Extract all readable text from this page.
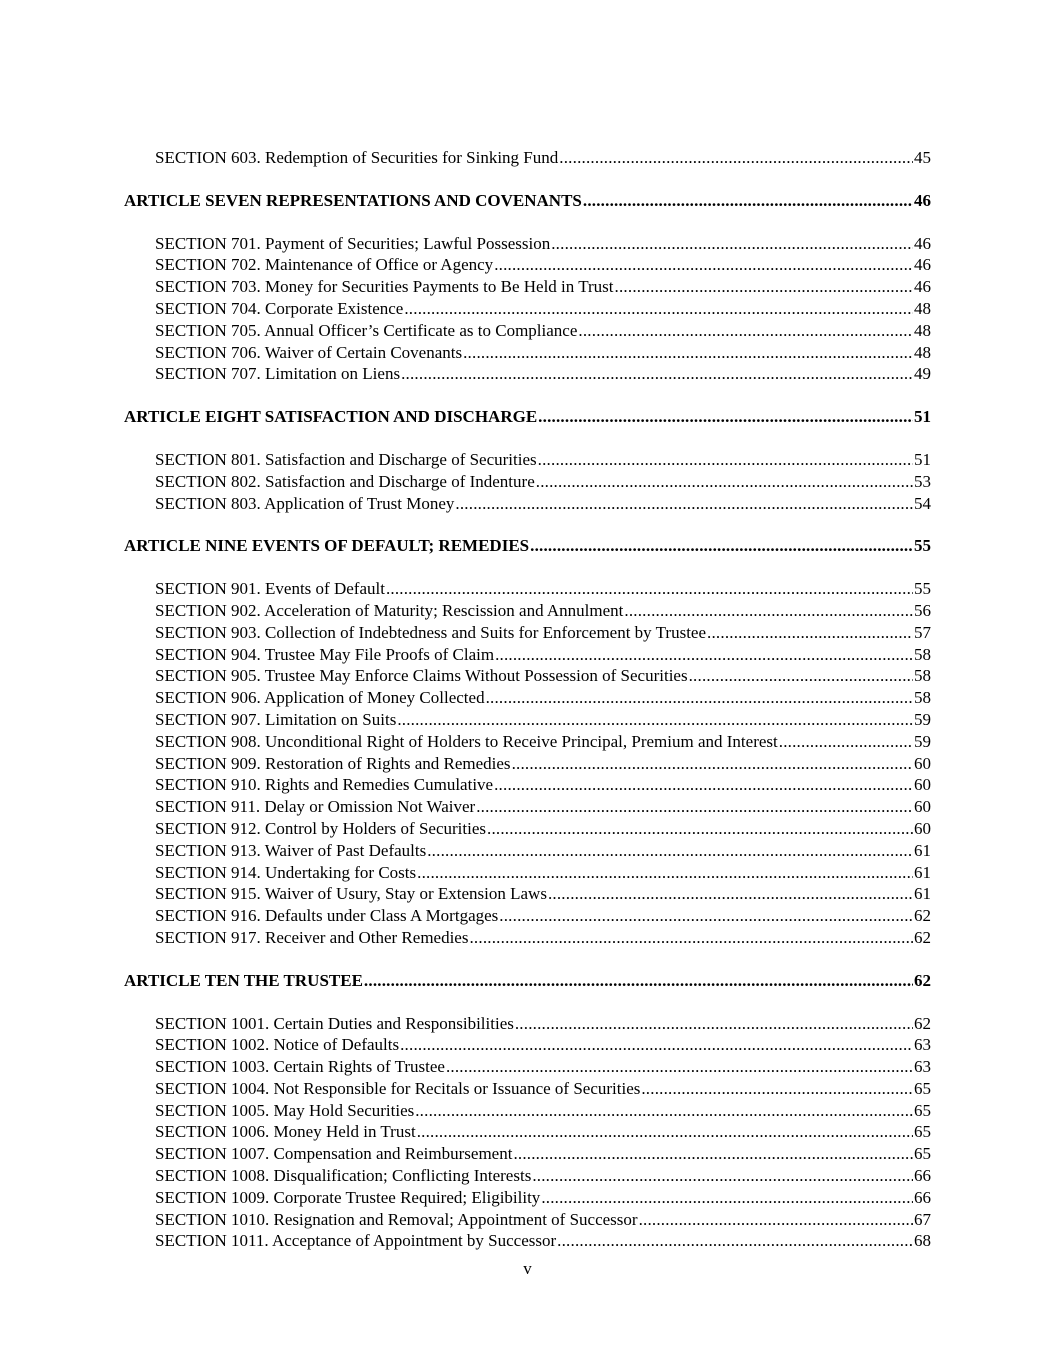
SECTION 603. Redemption of Securities for Sinking Fund .....	45
ARTICLE SEVEN REPRESENTATIONS AND COVENANTS .....	46
SECTION 701. Payment of Securities; Lawful Possession .....	46
SECTION 702. Maintenance of Office or Agency .....	46
SECTION 703. Money for Securities Payments to Be Held in Trust .....	46
SECTION 704. Corporate Existence .....	48
SECTION 705. Annual Officer’s Certificate as to Compliance .....	48
SECTION 706. Waiver of Certain Covenants .....	48
SECTION 707. Limitation on Liens .....	49
ARTICLE EIGHT SATISFACTION AND DISCHARGE .....	51
SECTION 801. Satisfaction and Discharge of Securities .....	51
SECTION 802. Satisfaction and Discharge of Indenture .....	53
SECTION 803. Application of Trust Money .....	54
ARTICLE NINE EVENTS OF DEFAULT; REMEDIES .....	55
SECTION 901. Events of Default .....	55
SECTION 902. Acceleration of Maturity; Rescission and Annulment .....	56
SECTION 903. Collection of Indebtedness and Suits for Enforcement by Trustee .....	57
SECTION 904. Trustee May File Proofs of Claim .....	58
SECTION 905. Trustee May Enforce Claims Without Possession of Securities .....	58
SECTION 906. Application of Money Collected .....	58
SECTION 907. Limitation on Suits .....	59
SECTION 908. Unconditional Right of Holders to Receive Principal, Premium and Interest .....	59
SECTION 909. Restoration of Rights and Remedies .....	60
SECTION 910. Rights and Remedies Cumulative .....	60
SECTION 911. Delay or Omission Not Waiver .....	60
SECTION 912. Control by Holders of Securities .....	60
SECTION 913. Waiver of Past Defaults .....	61
SECTION 914. Undertaking for Costs .....	61
SECTION 915. Waiver of Usury, Stay or Extension Laws .....	61
SECTION 916. Defaults under Class A Mortgages .....	62
SECTION 917. Receiver and Other Remedies .....	62
ARTICLE TEN THE TRUSTEE .....	62
SECTION 1001. Certain Duties and Responsibilities .....	62
SECTION 1002. Notice of Defaults .....	63
SECTION 1003. Certain Rights of Trustee .....	63
SECTION 1004. Not Responsible for Recitals or Issuance of Securities .....	65
SECTION 1005. May Hold Securities .....	65
SECTION 1006. Money Held in Trust .....	65
SECTION 1007. Compensation and Reimbursement .....	65
SECTION 1008. Disqualification; Conflicting Interests .....	66
SECTION 1009. Corporate Trustee Required; Eligibility .....	66
SECTION 1010. Resignation and Removal; Appointment of Successor .....	67
SECTION 1011. Acceptance of Appointment by Successor .....	68
v
